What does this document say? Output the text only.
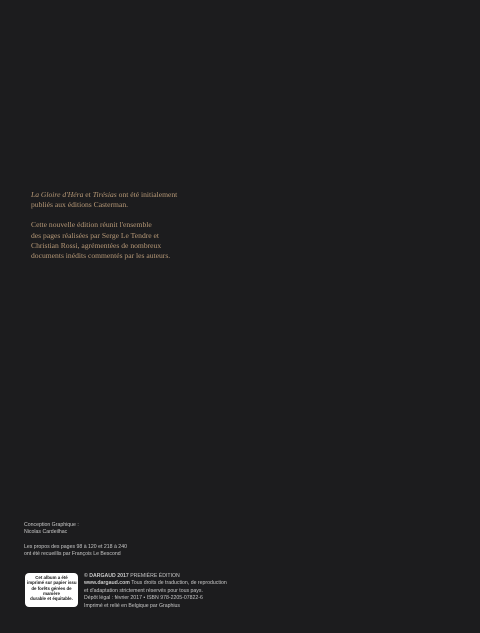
La Gloire d'Héra et Tirésias ont été initialement
publiés aux éditions Casterman.

Cette nouvelle édition réunit l'ensemble
des pages réalisées par Serge Le Tendre et
Christian Rossi, agrémentées de nombreux
documents inédits commentés par les auteurs.

Conception Graphique :
Nicolas Cardeilhac
Les propos des pages 98 à 120 et 218 à 240
ont été recueillis par François Le Bescond
Cet album a été
imprimé sur papier issu
de forêts gérées de
manière
durable et équitable.
© DARGAUD 2017 PREMIÈRE ÉDITION
www.dargaud.com Tous droits de traduction, de reproduction
et d'adaptation strictement réservés pour tous pays.
Dépôt légal : février 2017 • ISBN 978-2205-07822-6
Imprimé et relié en Belgique par Graphius
